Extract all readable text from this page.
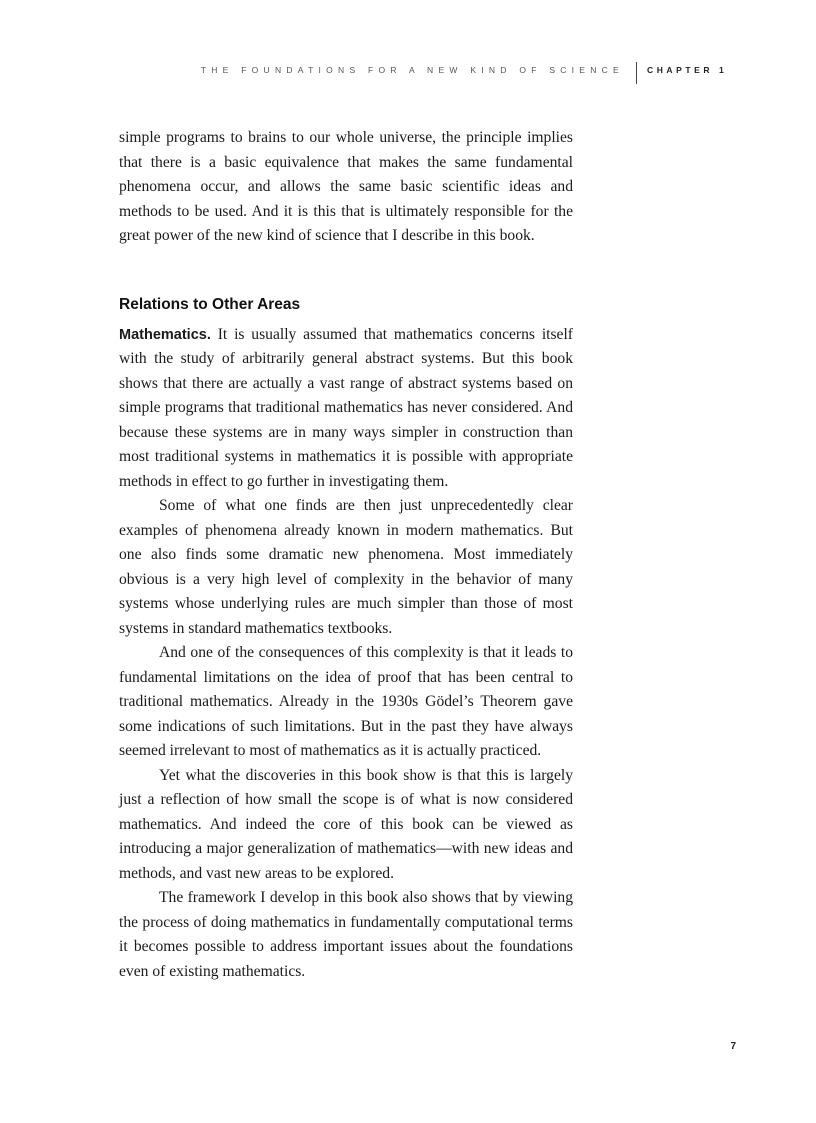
THE FOUNDATIONS FOR A NEW KIND OF SCIENCE	CHAPTER 1

simple programs to brains to our whole universe, the principle implies that there is a basic equivalence that makes the same fundamental phenomena occur, and allows the same basic scientific ideas and methods to be used. And it is this that is ultimately responsible for the great power of the new kind of science that I describe in this book.

Relations to Other Areas

Mathematics. It is usually assumed that mathematics concerns itself with the study of arbitrarily general abstract systems. But this book shows that there are actually a vast range of abstract systems based on simple programs that traditional mathematics has never considered. And because these systems are in many ways simpler in construction than most traditional systems in mathematics it is possible with appropriate methods in effect to go further in investigating them.

Some of what one finds are then just unprecedentedly clear examples of phenomena already known in modern mathematics. But one also finds some dramatic new phenomena. Most immediately obvious is a very high level of complexity in the behavior of many systems whose underlying rules are much simpler than those of most systems in standard mathematics textbooks.

And one of the consequences of this complexity is that it leads to fundamental limitations on the idea of proof that has been central to traditional mathematics. Already in the 1930s Gödel’s Theorem gave some indications of such limitations. But in the past they have always seemed irrelevant to most of mathematics as it is actually practiced.

Yet what the discoveries in this book show is that this is largely just a reflection of how small the scope is of what is now considered mathematics. And indeed the core of this book can be viewed as introducing a major generalization of mathematics—with new ideas and methods, and vast new areas to be explored.

The framework I develop in this book also shows that by viewing the process of doing mathematics in fundamentally computational terms it becomes possible to address important issues about the foundations even of existing mathematics.

7
